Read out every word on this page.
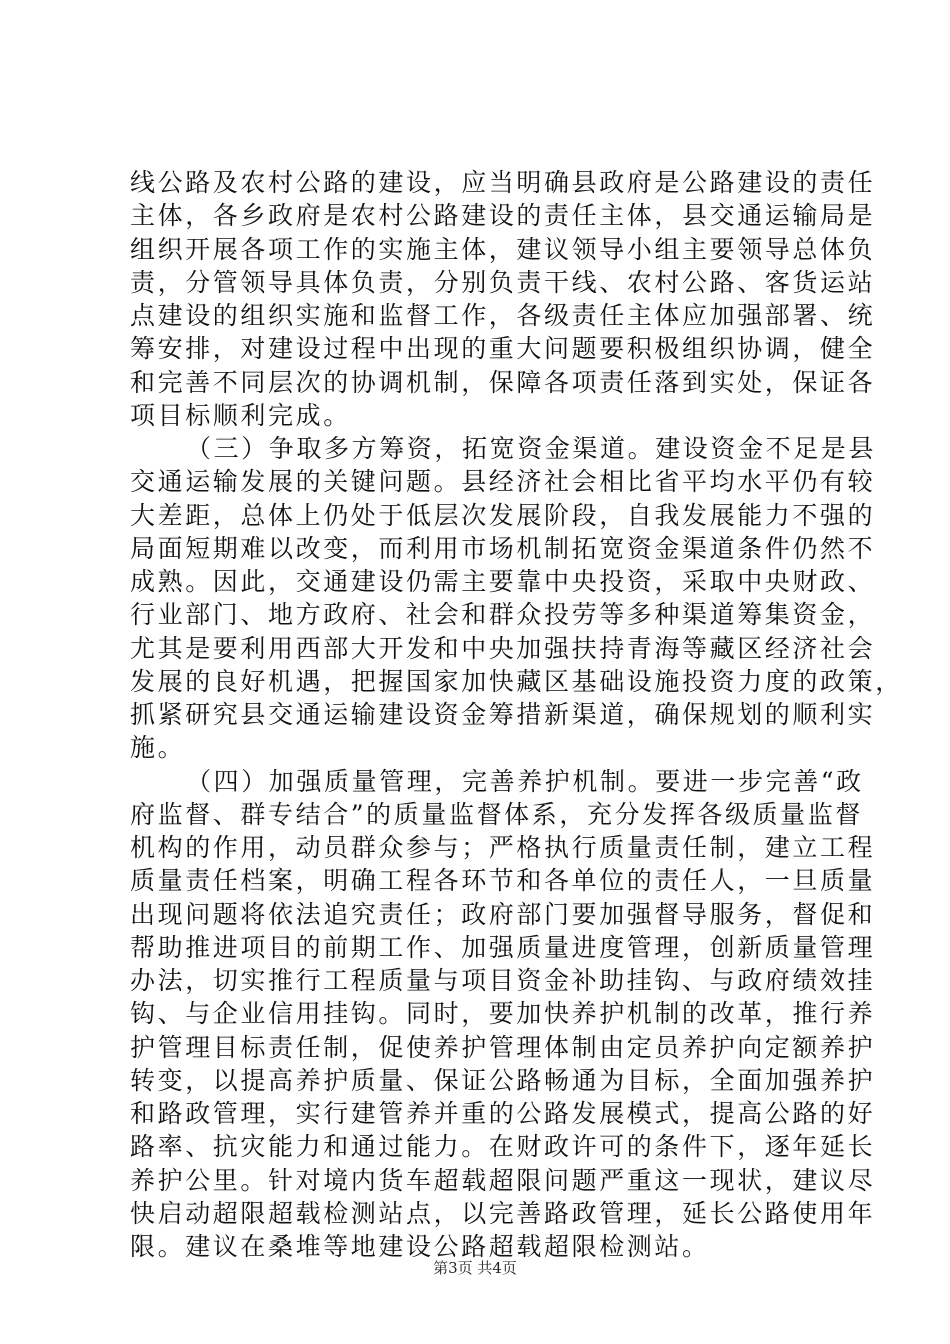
线公路及农村公路的建设，应当明确县政府是公路建设的责任
主体，各乡政府是农村公路建设的责任主体，县交通运输局是
组织开展各项工作的实施主体，建议领导小组主要领导总体负
责，分管领导具体负责，分别负责干线、农村公路、客货运站
点建设的组织实施和监督工作，各级责任主体应加强部署、统
筹安排，对建设过程中出现的重大问题要积极组织协调，健全
和完善不同层次的协调机制，保障各项责任落到实处，保证各
项目标顺利完成。
（三）争取多方筹资，拓宽资金渠道。建设资金不足是县
交通运输发展的关键问题。县经济社会相比省平均水平仍有较
大差距，总体上仍处于低层次发展阶段，自我发展能力不强的
局面短期难以改变，而利用市场机制拓宽资金渠道条件仍然不
成熟。因此，交通建设仍需主要靠中央投资，采取中央财政、
行业部门、地方政府、社会和群众投劳等多种渠道筹集资金，
尤其是要利用西部大开发和中央加强扶持青海等藏区经济社会
发展的良好机遇，把握国家加快藏区基础设施投资力度的政策，
抓紧研究县交通运输建设资金筹措新渠道，确保规划的顺利实
施。
（四）加强质量管理，完善养护机制。要进一步完善“政
府监督、群专结合”的质量监督体系，充分发挥各级质量监督
机构的作用，动员群众参与；严格执行质量责任制，建立工程
质量责任档案，明确工程各环节和各单位的责任人，一旦质量
出现问题将依法追究责任；政府部门要加强督导服务，督促和
帮助推进项目的前期工作、加强质量进度管理，创新质量管理
办法，切实推行工程质量与项目资金补助挂钩、与政府绩效挂
钩、与企业信用挂钩。同时，要加快养护机制的改革，推行养
护管理目标责任制，促使养护管理体制由定员养护向定额养护
转变，以提高养护质量、保证公路畅通为目标，全面加强养护
和路政管理，实行建管养并重的公路发展模式，提高公路的好
路率、抗灾能力和通过能力。在财政许可的条件下，逐年延长
养护公里。针对境内货车超载超限问题严重这一现状，建议尽
快启动超限超载检测站点，以完善路政管理，延长公路使用年
限。建议在桑堆等地建设公路超载超限检测站。
第3页 共4页
